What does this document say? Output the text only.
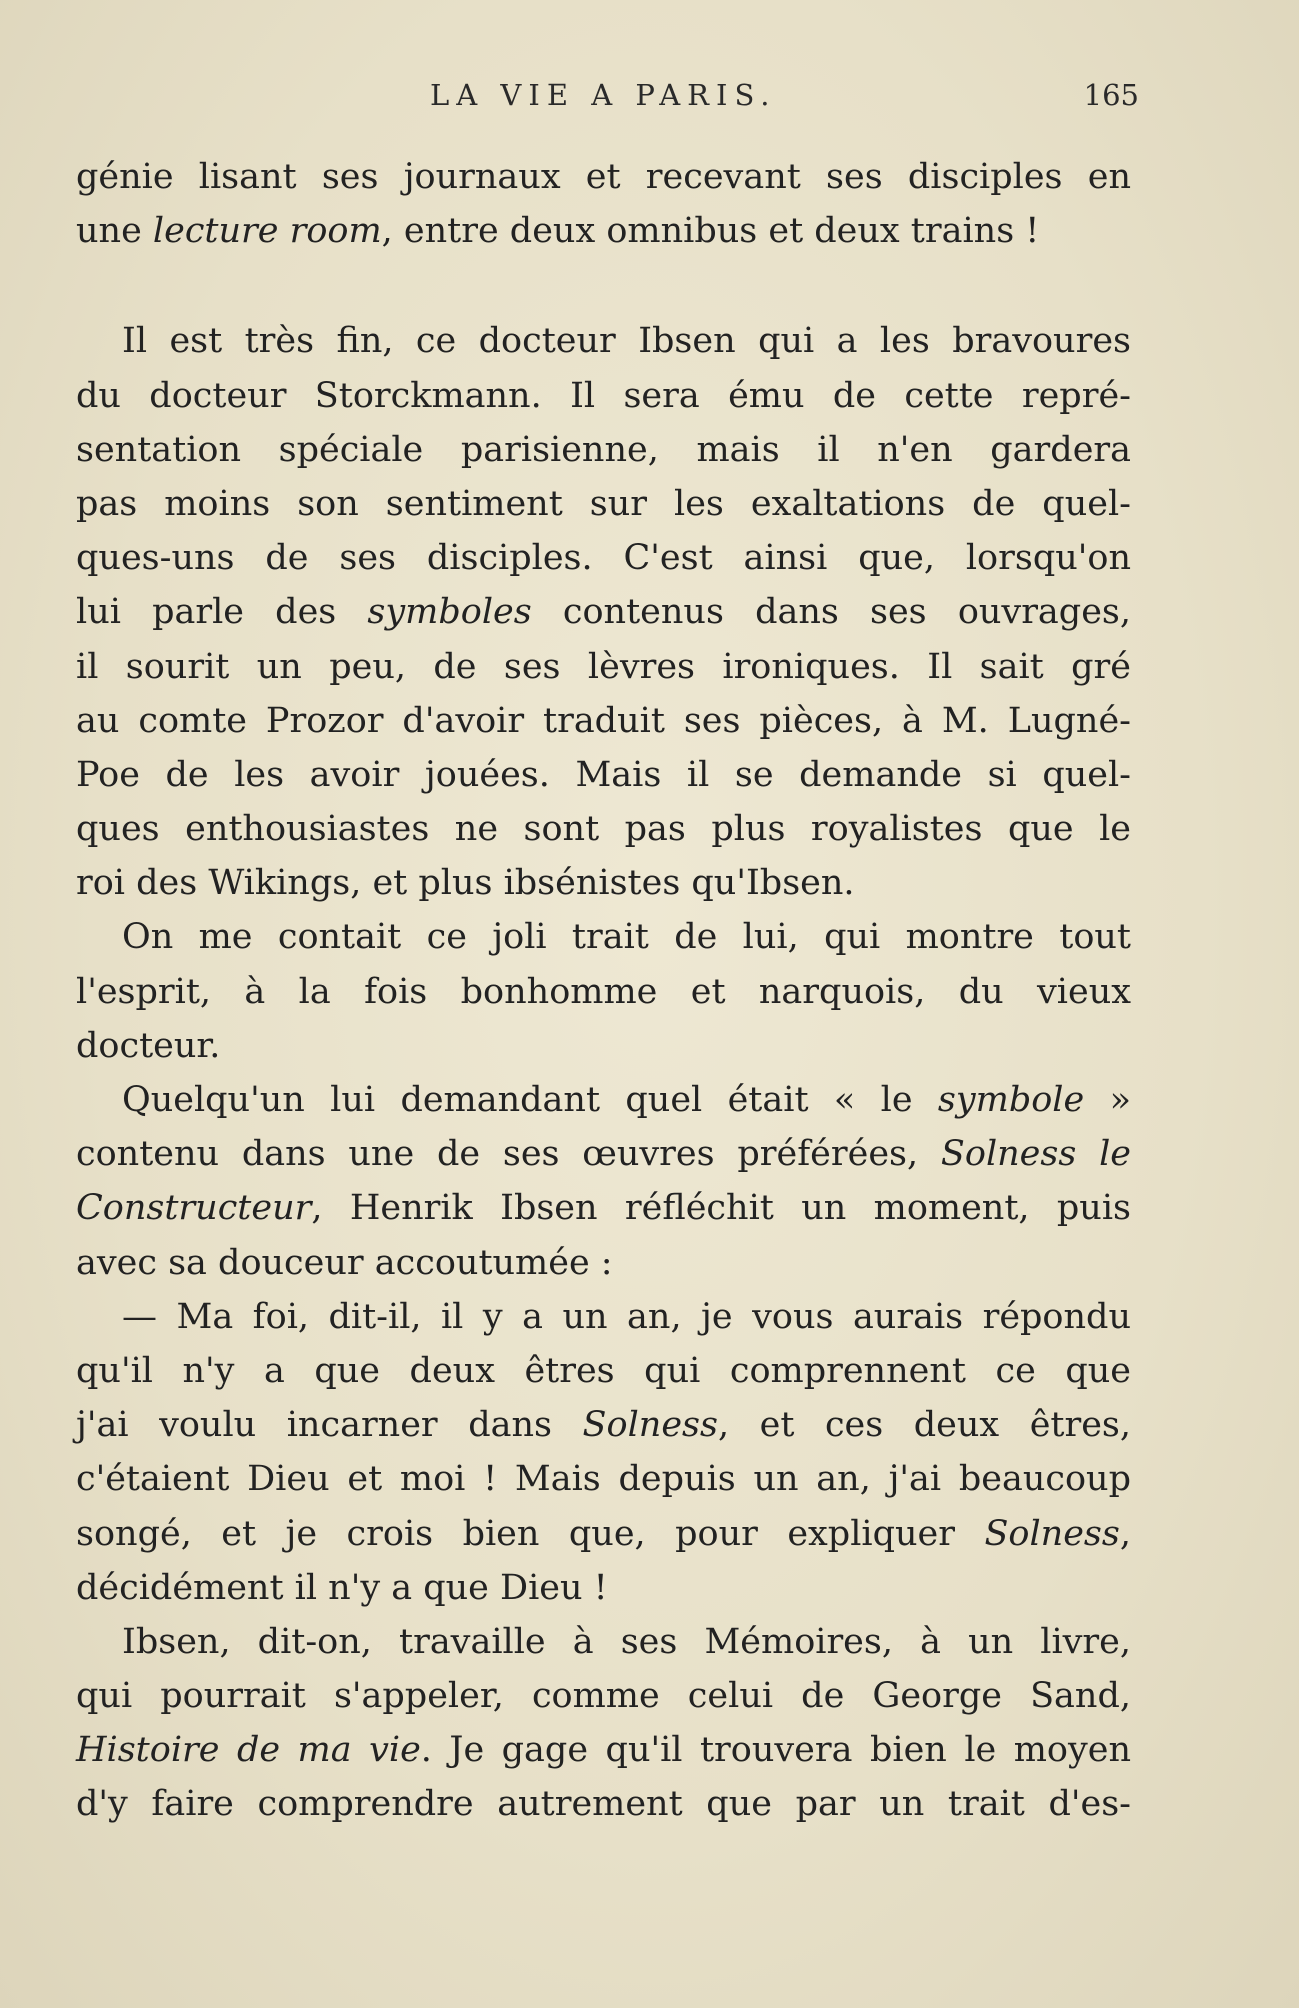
LA VIE A PARIS.	165
génie lisant ses journaux et recevant ses disciples en
une lecture room, entre deux omnibus et deux trains !
Il est très fin, ce docteur Ibsen qui a les bravoures
du docteur Storckmann. Il sera ému de cette repré-
sentation spéciale parisienne, mais il n'en gardera
pas moins son sentiment sur les exaltations de quel-
ques-uns de ses disciples. C'est ainsi que, lorsqu'on
lui parle des symboles contenus dans ses ouvrages,
il sourit un peu, de ses lèvres ironiques. Il sait gré
au comte Prozor d'avoir traduit ses pièces, à M. Lugné-
Poe de les avoir jouées. Mais il se demande si quel-
ques enthousiastes ne sont pas plus royalistes que le
roi des Wikings, et plus ibsénistes qu'Ibsen.
On me contait ce joli trait de lui, qui montre tout
l'esprit, à la fois bonhomme et narquois, du vieux
docteur.
Quelqu'un lui demandant quel était « le symbole »
contenu dans une de ses œuvres préférées, Solness le
Constructeur, Henrik Ibsen réfléchit un moment, puis
avec sa douceur accoutumée :
— Ma foi, dit-il, il y a un an, je vous aurais répondu
qu'il n'y a que deux êtres qui comprennent ce que
j'ai voulu incarner dans Solness, et ces deux êtres,
c'étaient Dieu et moi ! Mais depuis un an, j'ai beaucoup
songé, et je crois bien que, pour expliquer Solness,
décidément il n'y a que Dieu !
Ibsen, dit-on, travaille à ses Mémoires, à un livre,
qui pourrait s'appeler, comme celui de George Sand,
Histoire de ma vie. Je gage qu'il trouvera bien le moyen
d'y faire comprendre autrement que par un trait d'es-
